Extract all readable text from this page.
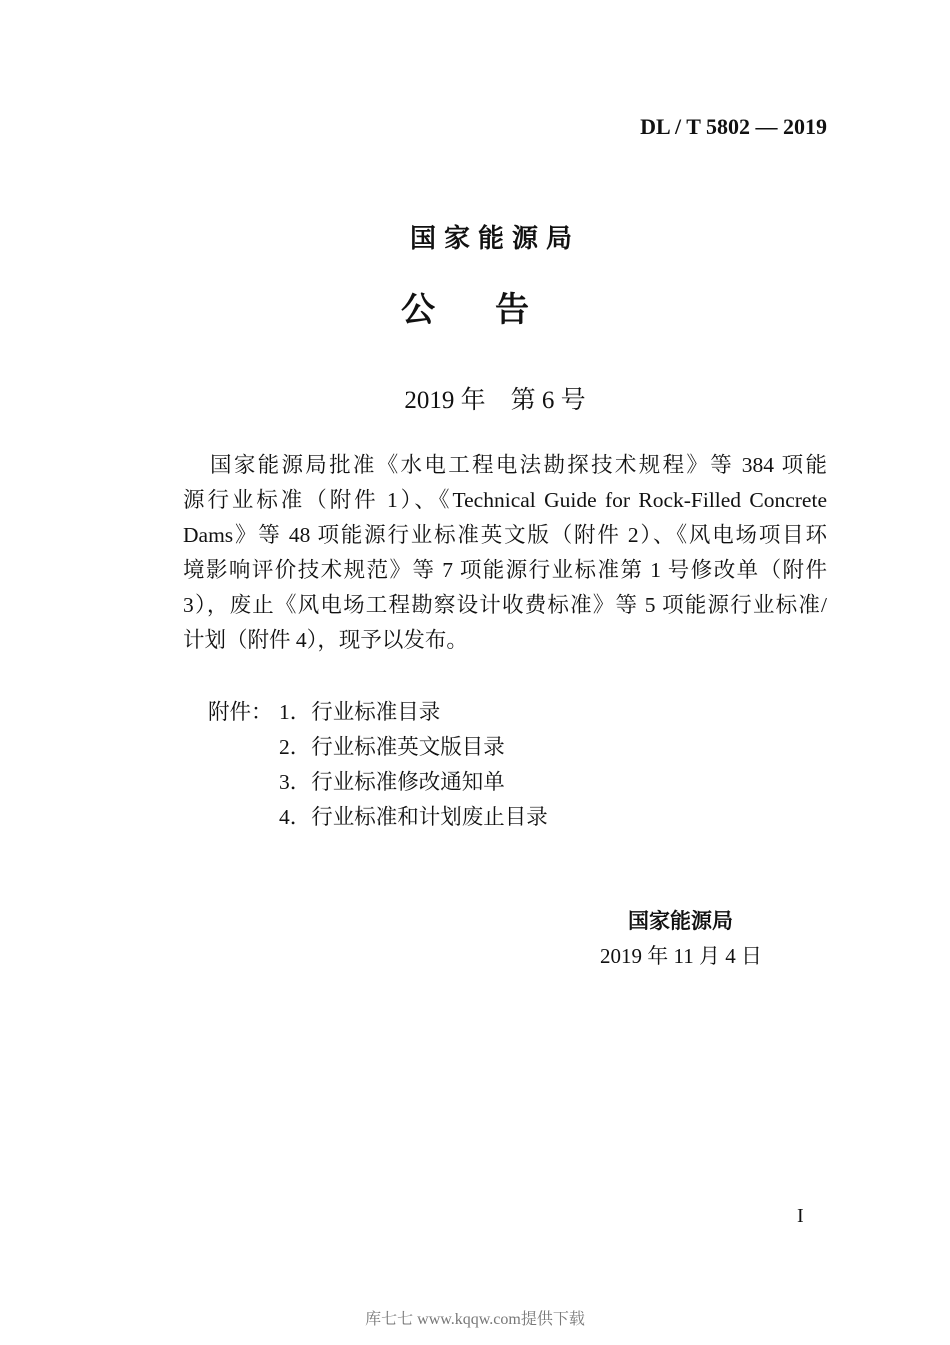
DL / T 5802 — 2019
国家能源局
公告
2019 年　第 6 号
国家能源局批准《水电工程电法勘探技术规程》等 384 项能
源行业标准（附件 1）、《Technical Guide for Rock-Filled Concrete
Dams》等 48 项能源行业标准英文版（附件 2）、《风电场项目环
境影响评价技术规范》等 7 项能源行业标准第 1 号修改单（附件
3），废止《风电场工程勘察设计收费标准》等 5 项能源行业标准/
计划（附件 4），现予以发布。
附件： 1．行业标准目录
2．行业标准英文版目录
3．行业标准修改通知单
4．行业标准和计划废止目录
国家能源局
2019 年 11 月 4 日
I
库七七 www.kqqw.com提供下载
